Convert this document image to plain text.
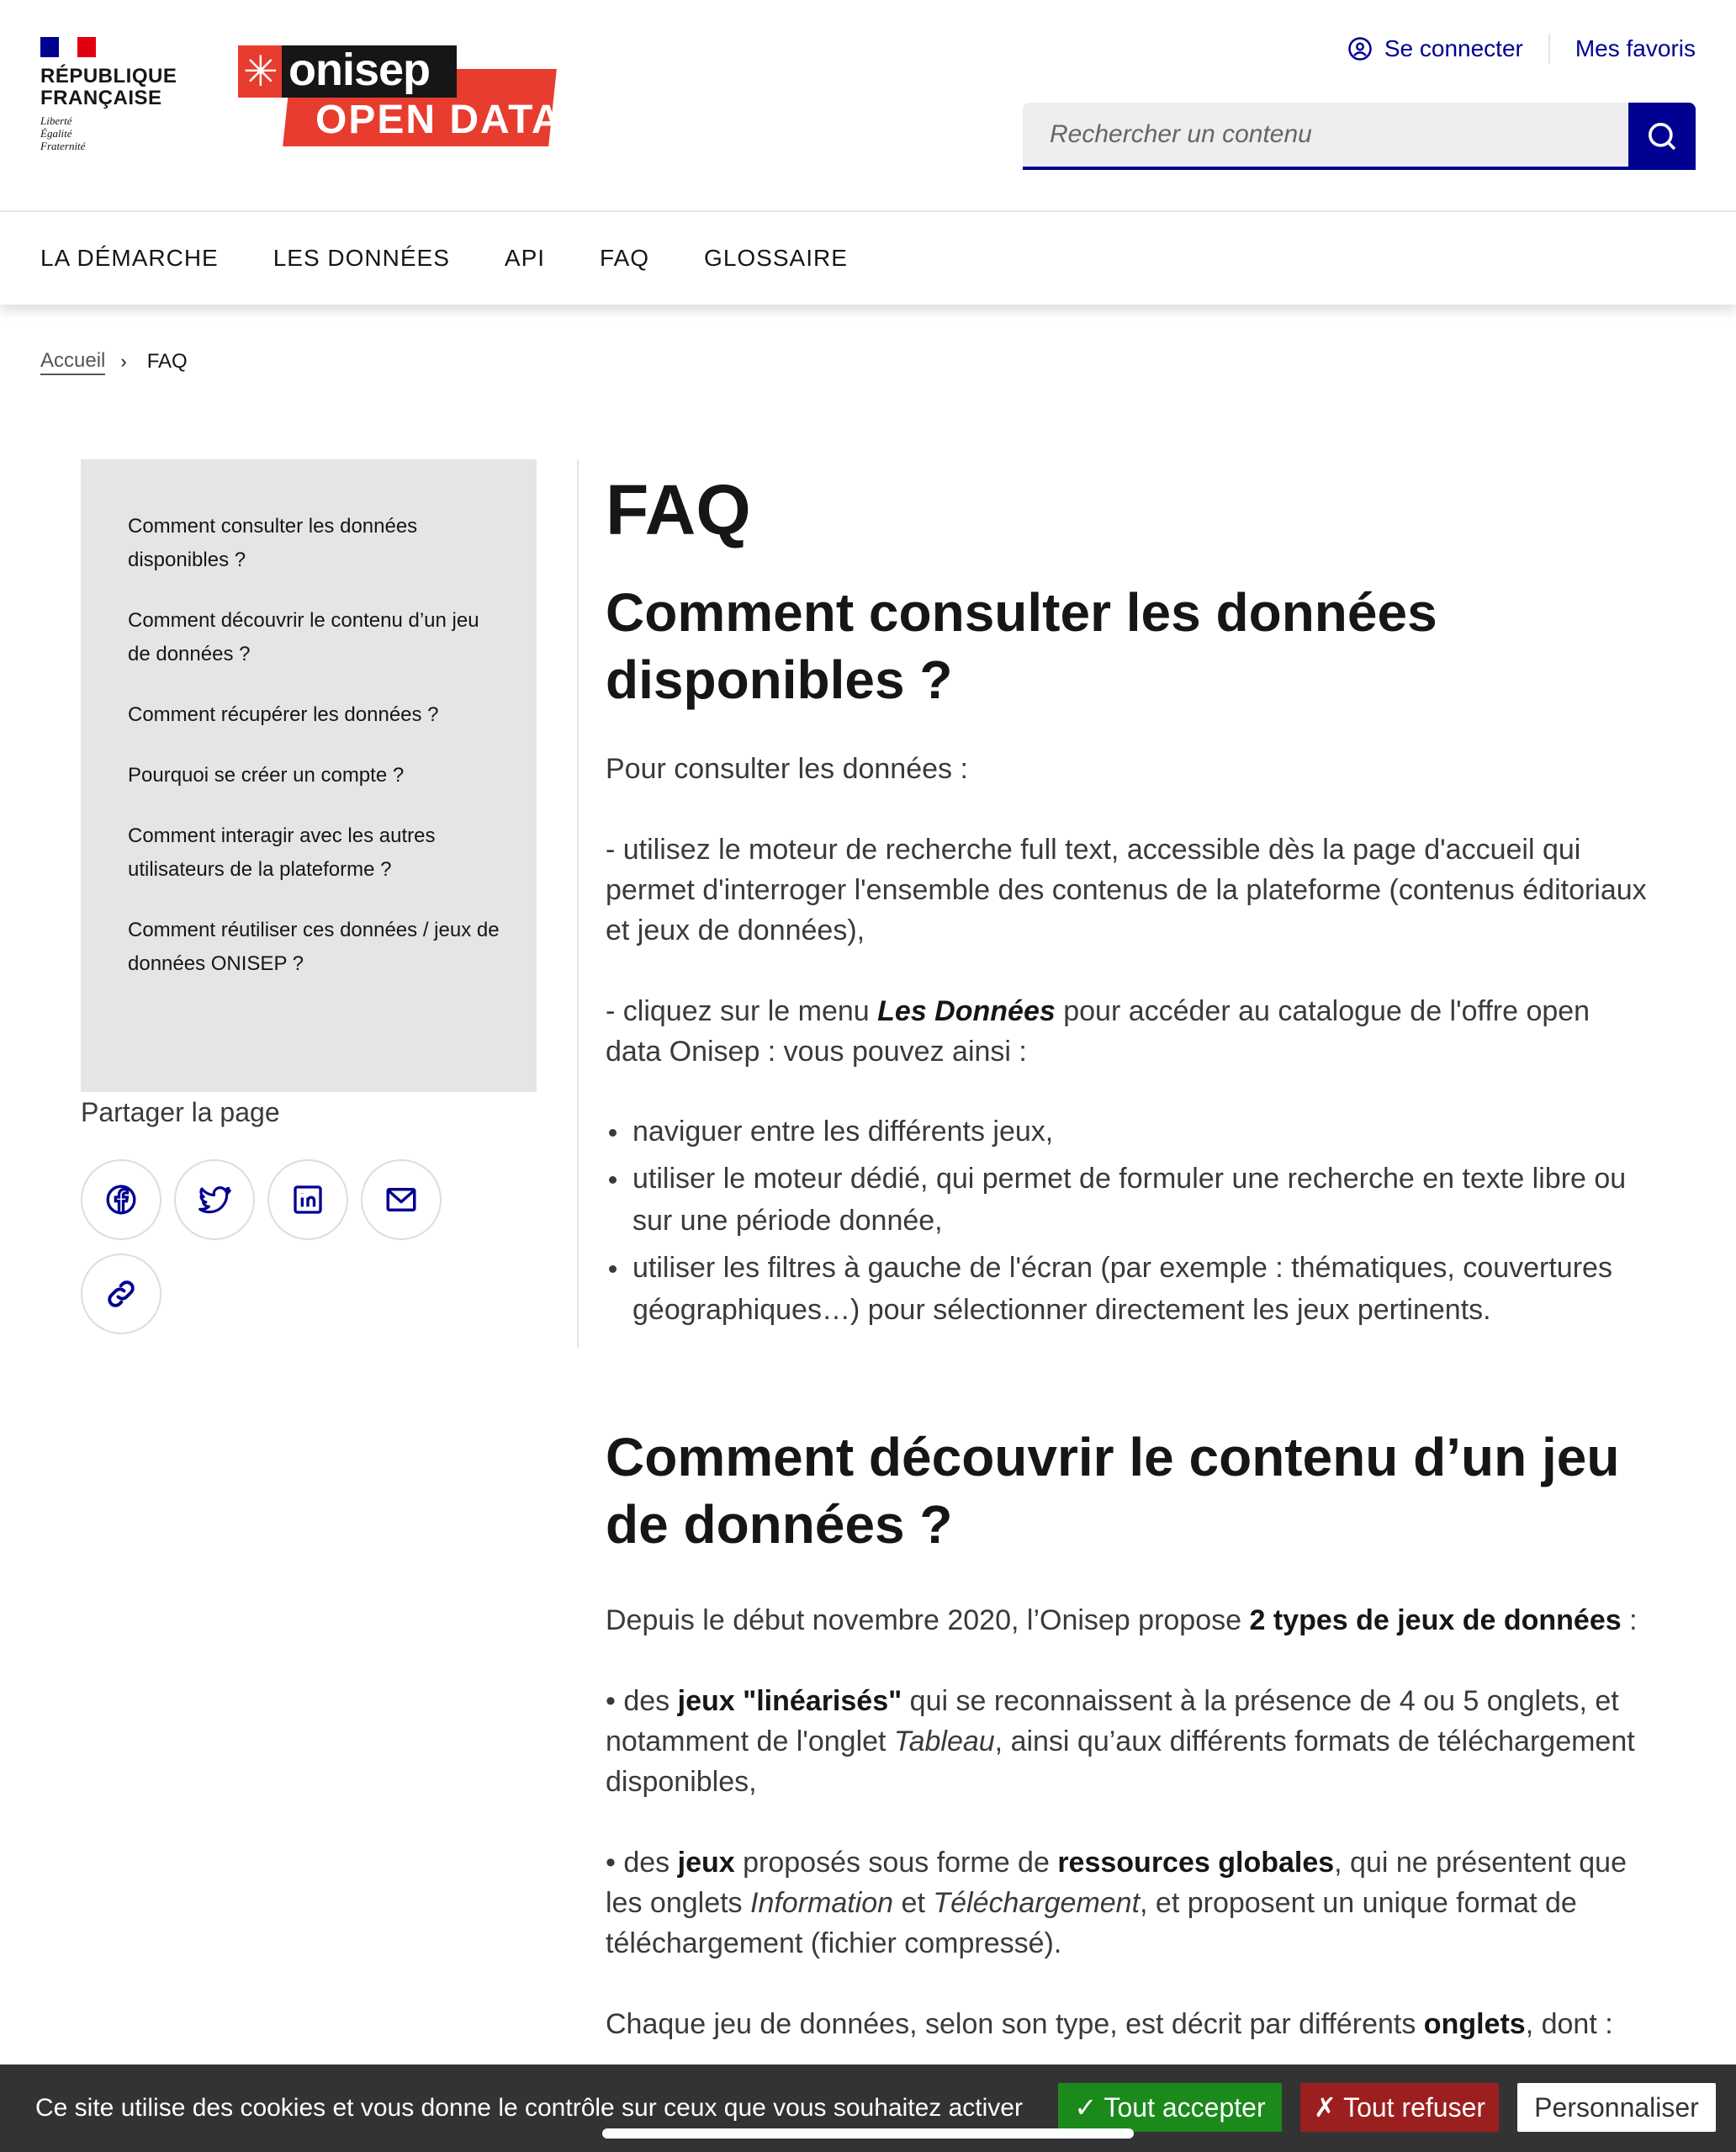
RÉPUBLIQUE
FRANÇAISE
Liberté
Égalité
Fraternité
✳ onisep
OPEN DATA
Se connecter Mes favoris
Rechercher un contenu
LA DÉMARCHE LES DONNÉES API FAQ GLOSSAIRE
Accueil › FAQ
Comment consulter les données disponibles ?
Comment découvrir le contenu d’un jeu de données ?
Comment récupérer les données ?
Pourquoi se créer un compte ?
Comment interagir avec les autres utilisateurs de la plateforme ?
Comment réutiliser ces données / jeux de données ONISEP ?
Partager la page
FAQ
Comment consulter les données disponibles ?

Pour consulter les données :

- utilisez le moteur de recherche full text, accessible dès la page d'accueil qui permet d'interroger l'ensemble des contenus de la plateforme (contenus éditoriaux et jeux de données),

- cliquez sur le menu Les Données pour accéder au catalogue de l'offre open data Onisep : vous pouvez ainsi :

naviguer entre les différents jeux,
utiliser le moteur dédié, qui permet de formuler une recherche en texte libre ou sur une période donnée,
utiliser les filtres à gauche de l'écran (par exemple : thématiques, couvertures géographiques…) pour sélectionner directement les jeux pertinents.
Comment découvrir le contenu d’un jeu de données ?

Depuis le début novembre 2020, l’Onisep propose 2 types de jeux de données :

• des jeux "linéarisés" qui se reconnaissent à la présence de 4 ou 5 onglets, et notamment de l'onglet Tableau, ainsi qu’aux différents formats de téléchargement disponibles,

• des jeux proposés sous forme de ressources globales, qui ne présentent que les onglets Information et Téléchargement, et proposent un unique format de téléchargement (fichier compressé).

Chaque jeu de données, selon son type, est décrit par différents onglets, dont :

Ce site utilise des cookies et vous donne le contrôle sur ceux que vous souhaitez activer	✓ Tout accepter	✗ Tout refuser	Personnaliser
